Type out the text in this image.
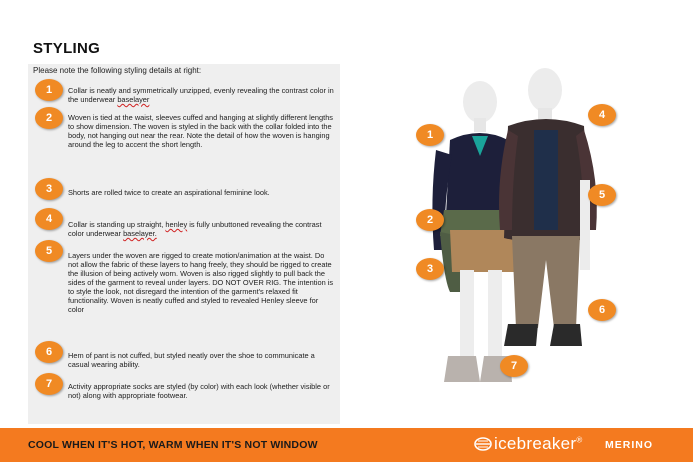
STYLING
Please note the following styling details at right:
1	Collar is neatly and symmetrically unzipped, evenly revealing the contrast color in the underwear baselayer
2	Woven is tied at the waist, sleeves cuffed and hanging at slightly different lengths to show dimension. The woven is styled in the back with the collar folded into the body, not hanging out near the rear. Note the detail of how the woven is hanging around the leg to accent the short length.
3	Shorts are rolled twice to create an aspirational feminine look.
4	Collar is standing up straight, henley is fully unbuttoned revealing the contrast color underwear baselayer.
5	Layers under the woven are rigged to create motion/animation at the waist. Do not allow the fabric of these layers to hang freely, they should be rigged to create the illusion of being actively worn. Woven is also rigged slightly to pull back the sides of the garment to reveal under layers. DO NOT OVER RIG. The intention is to style the look, not disregard the intention of the garment's relaxed fit functionality. Woven is neatly cuffed and styled to revealed Henley sleeve for color
6	Hem of pant is not cuffed, but styled neatly over the shoe to communicate a casual wearing ability.
7	Activity appropriate socks are styled (by color) with each look (whether visible or not) along with appropriate footwear.
1
2
3
4
5
6
7
COOL WHEN IT'S HOT, WARM WHEN IT'S NOT WINDOW	icebreaker® MERINO
